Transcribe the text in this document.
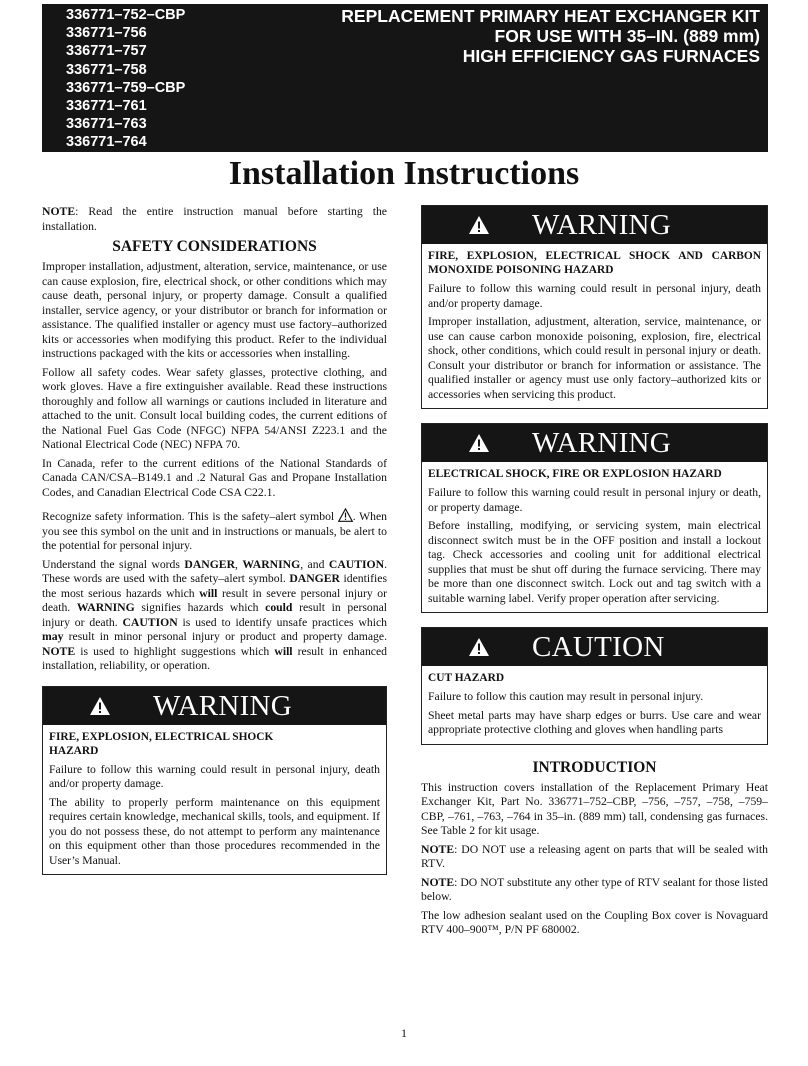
336771–752–CBP
336771–756
336771–757
336771–758
336771–759–CBP
336771–761
336771–763
336771–764
REPLACEMENT PRIMARY HEAT EXCHANGER KIT
FOR USE WITH 35–IN. (889 mm)
HIGH EFFICIENCY GAS FURNACES
Installation Instructions

NOTE: Read the entire instruction manual before starting the installation.

SAFETY CONSIDERATIONS

Improper installation, adjustment, alteration, service, maintenance, or use can cause explosion, fire, electrical shock, or other conditions which may cause death, personal injury, or property damage. Consult a qualified installer, service agency, or your distributor or branch for information or assistance. The qualified installer or agency must use factory–authorized kits or accessories when modifying this product. Refer to the individual instructions packaged with the kits or accessories when installing.

Follow all safety codes. Wear safety glasses, protective clothing, and work gloves. Have a fire extinguisher available. Read these instructions thoroughly and follow all warnings or cautions included in literature and attached to the unit. Consult local building codes, the current editions of the National Fuel Gas Code (NFGC) NFPA 54/ANSI Z223.1 and the National Electrical Code (NEC) NFPA 70.

In Canada, refer to the current editions of the National Standards of Canada CAN/CSA–B149.1 and .2 Natural Gas and Propane Installation Codes, and Canadian Electrical Code CSA C22.1.

Recognize safety information. This is the safety–alert symbol . When you see this symbol on the unit and in instructions or manuals, be alert to the potential for personal injury.

Understand the signal words DANGER, WARNING, and CAUTION. These words are used with the safety–alert symbol. DANGER identifies the most serious hazards which will result in severe personal injury or death. WARNING signifies hazards which could result in personal injury or death. CAUTION is used to identify unsafe practices which may result in minor personal injury or product and property damage. NOTE is used to highlight suggestions which will result in enhanced installation, reliability, or operation.

WARNING

FIRE, EXPLOSION, ELECTRICAL SHOCK HAZARD

Failure to follow this warning could result in personal injury, death and/or property damage.

The ability to properly perform maintenance on this equipment requires certain knowledge, mechanical skills, tools, and equipment. If you do not possess these, do not attempt to perform any maintenance on this equipment other than those procedures recommended in the User’s Manual.

WARNING

FIRE, EXPLOSION, ELECTRICAL SHOCK AND CARBON MONOXIDE POISONING HAZARD

Failure to follow this warning could result in personal injury, death and/or property damage.

Improper installation, adjustment, alteration, service, maintenance, or use can cause carbon monoxide poisoning, explosion, fire, electrical shock, other conditions, which could result in personal injury or death. Consult your distributor or branch for information or assistance. The qualified installer or agency must use only factory–authorized kits or accessories when servicing this product.

WARNING

ELECTRICAL SHOCK, FIRE OR EXPLOSION HAZARD

Failure to follow this warning could result in personal injury or death, or property damage.

Before installing, modifying, or servicing system, main electrical disconnect switch must be in the OFF position and install a lockout tag. Check accessories and cooling unit for additional electrical supplies that must be shut off during the furnace servicing. There may be more than one disconnect switch. Lock out and tag switch with a suitable warning label. Verify proper operation after servicing.

CAUTION

CUT HAZARD

Failure to follow this caution may result in personal injury.

Sheet metal parts may have sharp edges or burrs. Use care and wear appropriate protective clothing and gloves when handling parts

INTRODUCTION

This instruction covers installation of the Replacement Primary Heat Exchanger Kit, Part No. 336771–752–CBP, –756, –757, –758, –759–CBP, –761, –763, –764 in 35–in. (889 mm) tall, condensing gas furnaces. See Table 2 for kit usage.

NOTE: DO NOT use a releasing agent on parts that will be sealed with RTV.

NOTE: DO NOT substitute any other type of RTV sealant for those listed below.

The low adhesion sealant used on the Coupling Box cover is Novaguard RTV 400–900™, P/N PF 680002.

1
